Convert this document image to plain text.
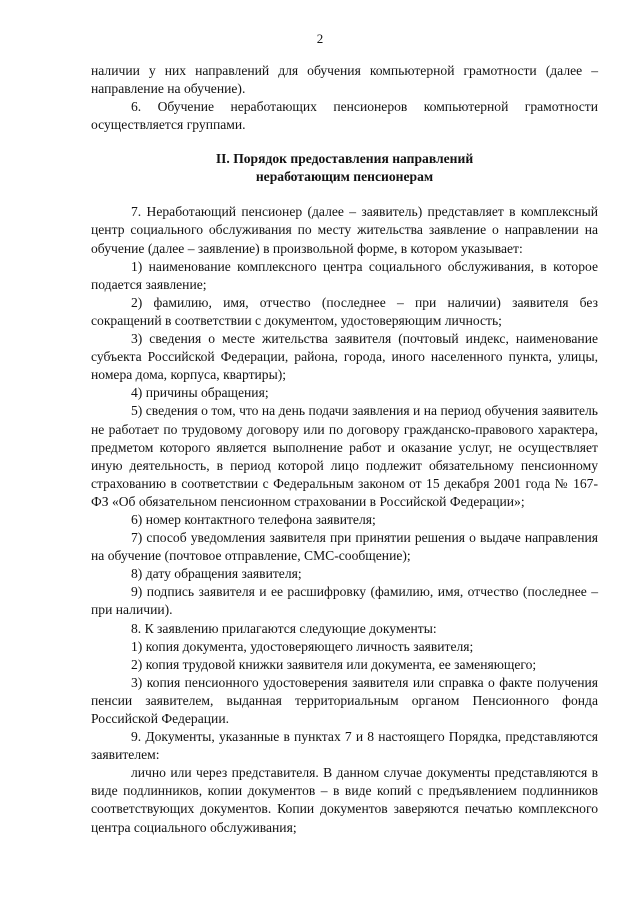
2

наличии у них направлений для обучения компьютерной грамотности (далее – направление на обучение).

6. Обучение неработающих пенсионеров компьютерной грамотности осуществляется группами.

II. Порядок предоставления направлений
неработающим пенсионерам

7. Неработающий пенсионер (далее – заявитель) представляет в комплексный центр социального обслуживания по месту жительства заявление о направлении на обучение (далее – заявление) в произвольной форме, в котором указывает:

1) наименование комплексного центра социального обслуживания, в которое подается заявление;

2) фамилию, имя, отчество (последнее – при наличии) заявителя без сокращений в соответствии с документом, удостоверяющим личность;

3) сведения о месте жительства заявителя (почтовый индекс, наименование субъекта Российской Федерации, района, города, иного населенного пункта, улицы, номера дома, корпуса, квартиры);

4) причины обращения;

5) сведения о том, что на день подачи заявления и на период обучения заявитель не работает по трудовому договору или по договору гражданско-правового характера, предметом которого является выполнение работ и оказание услуг, не осуществляет иную деятельность, в период которой лицо подлежит обязательному пенсионному страхованию в соответствии с Федеральным законом от 15 декабря 2001 года № 167-ФЗ «Об обязательном пенсионном страховании в Российской Федерации»;

6) номер контактного телефона заявителя;

7) способ уведомления заявителя при принятии решения о выдаче направления на обучение (почтовое отправление, СМС-сообщение);

8) дату обращения заявителя;

9) подпись заявителя и ее расшифровку (фамилию, имя, отчество (последнее – при наличии).

8. К заявлению прилагаются следующие документы:

1) копия документа, удостоверяющего личность заявителя;

2) копия трудовой книжки заявителя или документа, ее заменяющего;

3) копия пенсионного удостоверения заявителя или справка о факте получения пенсии заявителем, выданная территориальным органом Пенсионного фонда Российской Федерации.

9. Документы, указанные в пунктах 7 и 8 настоящего Порядка, представляются заявителем:

лично или через представителя. В данном случае документы представляются в виде подлинников, копии документов – в виде копий с предъявлением подлинников соответствующих документов. Копии документов заверяются печатью комплексного центра социального обслуживания;
